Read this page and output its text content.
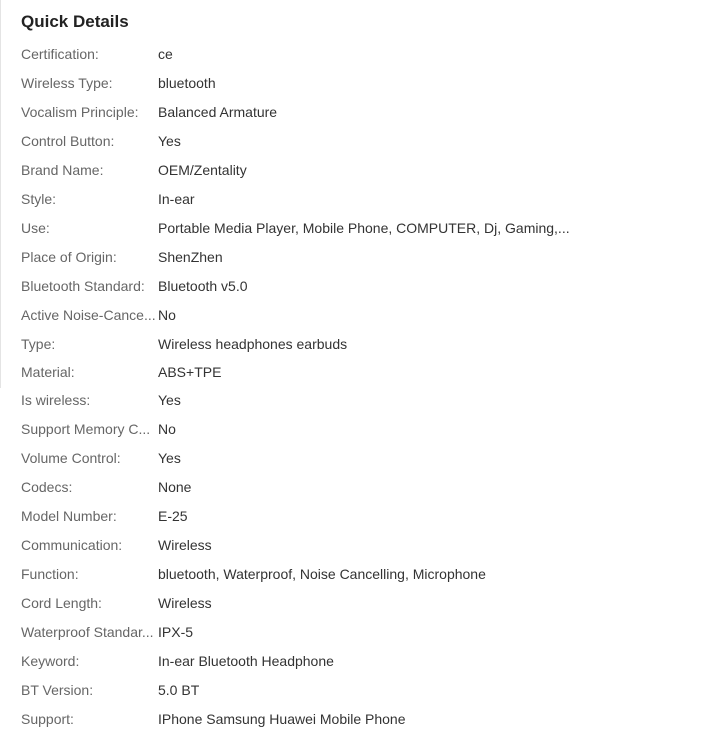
Quick Details
Certification:	ce
Wireless Type:	bluetooth
Vocalism Principle:	Balanced Armature
Control Button:	Yes
Brand Name:	OEM/Zentality
Style:	In-ear
Use:	Portable Media Player, Mobile Phone, COMPUTER, Dj, Gaming,...
Place of Origin:	ShenZhen
Bluetooth Standard: Bluetooth v5.0
Active Noise-Cance... No
Type:	Wireless headphones earbuds
Material:	ABS+TPE
Is wireless:	Yes
Support Memory C... No
Volume Control:	Yes
Codecs:	None
Model Number:	E-25
Communication:	Wireless
Function:	bluetooth, Waterproof, Noise Cancelling, Microphone
Cord Length:	Wireless
Waterproof Standar... IPX-5
Keyword:	In-ear Bluetooth Headphone
BT Version:	5.0 BT
Support:	IPhone Samsung Huawei Mobile Phone
